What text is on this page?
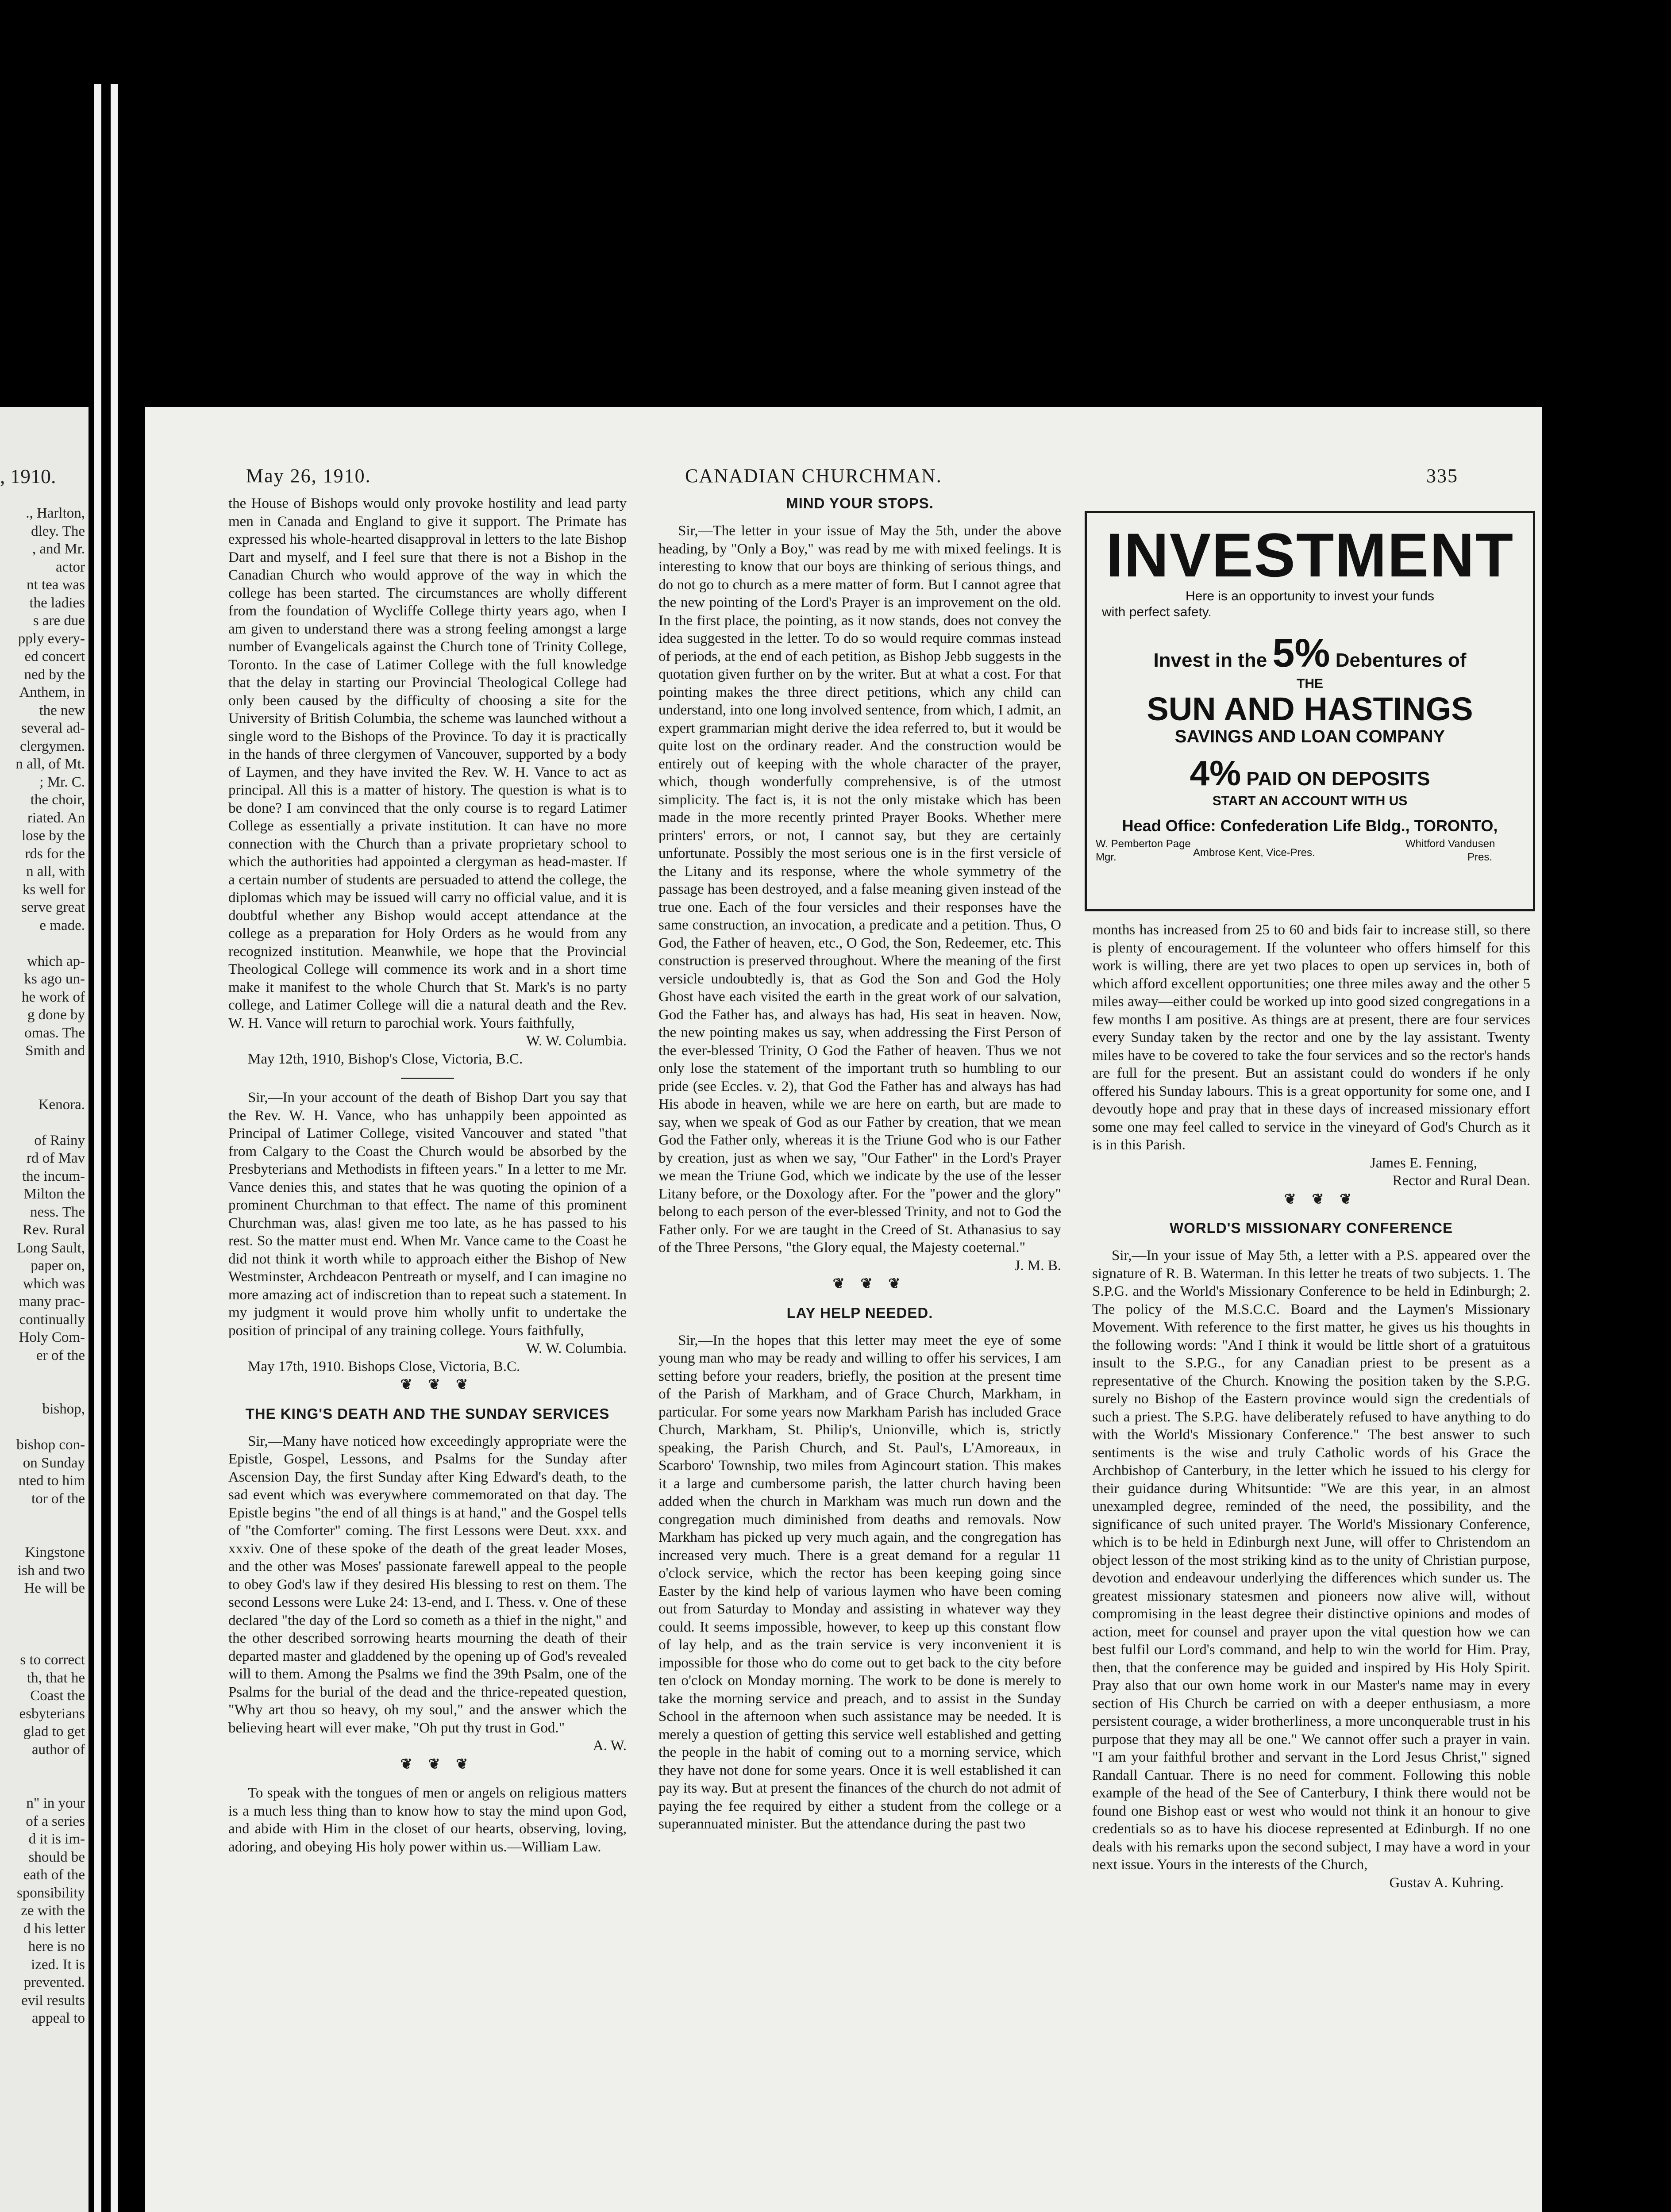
, 1910.
., Harlton,
dley. The
, and Mr.
actor
nt tea was
the ladies
s are due
pply every-
ed concert
ned by the
Anthem, in
the new
several ad-
clergymen.
n all, of Mt.
; Mr. C.
the choir,
riated. An
lose by the
rds for the
n all, with
ks well for
serve great
e made.

which ap-
ks ago un-
he work of
g done by
omas. The
Smith and

Kenora.

of Rainy
rd of Mav
the incum-
Milton the
ness. The
Rev. Rural
Long Sault,
paper on,
which was
many prac-
continually
Holy Com-
er of the

bishop,

bishop con-
on Sunday
nted to him
tor of the

Kingstone
ish and two
He will be

s to correct
th, that he
Coast the
esbyterians
glad to get
author of

n" in your
of a series
d it is im-
should be
eath of the
sponsibility
ze with the
d his letter
here is no
ized. It is
prevented.
evil results
appeal to
May 26, 1910.	CANADIAN CHURCHMAN.	335

the House of Bishops would only provoke hostility and lead party men in Canada and England to give it support. The Primate has expressed his whole-hearted disapproval in letters to the late Bishop Dart and myself, and I feel sure that there is not a Bishop in the Canadian Church who would approve of the way in which the college has been started. The circumstances are wholly different from the foundation of Wycliffe College thirty years ago, when I am given to understand there was a strong feeling amongst a large number of Evangelicals against the Church tone of Trinity College, Toronto. In the case of Latimer College with the full knowledge that the delay in starting our Provincial Theological College had only been caused by the difficulty of choosing a site for the University of British Columbia, the scheme was launched without a single word to the Bishops of the Province. To day it is practically in the hands of three clergymen of Vancouver, supported by a body of Laymen, and they have invited the Rev. W. H. Vance to act as principal. All this is a matter of history. The question is what is to be done? I am convinced that the only course is to regard Latimer College as essentially a private institution. It can have no more connection with the Church than a private proprietary school to which the authorities had appointed a clergyman as head-master. If a certain number of students are persuaded to attend the college, the diplomas which may be issued will carry no official value, and it is doubtful whether any Bishop would accept attendance at the college as a preparation for Holy Orders as he would from any recognized institution. Meanwhile, we hope that the Provincial Theological College will commence its work and in a short time make it manifest to the whole Church that St. Mark's is no party college, and Latimer College will die a natural death and the Rev. W. H. Vance will return to parochial work. Yours faithfully,

W. W. Columbia.

May 12th, 1910, Bishop's Close, Victoria, B.C.

Sir,—In your account of the death of Bishop Dart you say that the Rev. W. H. Vance, who has unhappily been appointed as Principal of Latimer College, visited Vancouver and stated "that from Calgary to the Coast the Church would be absorbed by the Presbyterians and Methodists in fifteen years." In a letter to me Mr. Vance denies this, and states that he was quoting the opinion of a prominent Churchman to that effect. The name of this prominent Churchman was, alas! given me too late, as he has passed to his rest. So the matter must end. When Mr. Vance came to the Coast he did not think it worth while to approach either the Bishop of New Westminster, Archdeacon Pentreath or myself, and I can imagine no more amazing act of indiscretion than to repeat such a statement. In my judgment it would prove him wholly unfit to undertake the position of principal of any training college. Yours faithfully,

W. W. Columbia.

May 17th, 1910. Bishops Close, Victoria, B.C.

❦ ❦ ❦

THE KING'S DEATH AND THE SUNDAY SERVICES

Sir,—Many have noticed how exceedingly appropriate were the Epistle, Gospel, Lessons, and Psalms for the Sunday after Ascension Day, the first Sunday after King Edward's death, to the sad event which was everywhere commemorated on that day. The Epistle begins "the end of all things is at hand," and the Gospel tells of "the Comforter" coming. The first Lessons were Deut. xxx. and xxxiv. One of these spoke of the death of the great leader Moses, and the other was Moses' passionate farewell appeal to the people to obey God's law if they desired His blessing to rest on them. The second Lessons were Luke 24: 13-end, and I. Thess. v. One of these declared "the day of the Lord so cometh as a thief in the night," and the other described sorrowing hearts mourning the death of their departed master and gladdened by the opening up of God's revealed will to them. Among the Psalms we find the 39th Psalm, one of the Psalms for the burial of the dead and the thrice-repeated question, "Why art thou so heavy, oh my soul," and the answer which the believing heart will ever make, "Oh put thy trust in God."

A. W.

❦ ❦ ❦

To speak with the tongues of men or angels on religious matters is a much less thing than to know how to stay the mind upon God, and abide with Him in the closet of our hearts, observing, loving, adoring, and obeying His holy power within us.—William Law.

MIND YOUR STOPS.

Sir,—The letter in your issue of May the 5th, under the above heading, by "Only a Boy," was read by me with mixed feelings. It is interesting to know that our boys are thinking of serious things, and do not go to church as a mere matter of form. But I cannot agree that the new pointing of the Lord's Prayer is an improvement on the old. In the first place, the pointing, as it now stands, does not convey the idea suggested in the letter. To do so would require commas instead of periods, at the end of each petition, as Bishop Jebb suggests in the quotation given further on by the writer. But at what a cost. For that pointing makes the three direct petitions, which any child can understand, into one long involved sentence, from which, I admit, an expert grammarian might derive the idea referred to, but it would be quite lost on the ordinary reader. And the construction would be entirely out of keeping with the whole character of the prayer, which, though wonderfully comprehensive, is of the utmost simplicity. The fact is, it is not the only mistake which has been made in the more recently printed Prayer Books. Whether mere printers' errors, or not, I cannot say, but they are certainly unfortunate. Possibly the most serious one is in the first versicle of the Litany and its response, where the whole symmetry of the passage has been destroyed, and a false meaning given instead of the true one. Each of the four versicles and their responses have the same construction, an invocation, a predicate and a petition. Thus, O God, the Father of heaven, etc., O God, the Son, Redeemer, etc. This construction is preserved throughout. Where the meaning of the first versicle undoubtedly is, that as God the Son and God the Holy Ghost have each visited the earth in the great work of our salvation, God the Father has, and always has had, His seat in heaven. Now, the new pointing makes us say, when addressing the First Person of the ever-blessed Trinity, O God the Father of heaven. Thus we not only lose the statement of the important truth so humbling to our pride (see Eccles. v. 2), that God the Father has and always has had His abode in heaven, while we are here on earth, but are made to say, when we speak of God as our Father by creation, that we mean God the Father only, whereas it is the Triune God who is our Father by creation, just as when we say, "Our Father" in the Lord's Prayer we mean the Triune God, which we indicate by the use of the lesser Litany before, or the Doxology after. For the "power and the glory" belong to each person of the ever-blessed Trinity, and not to God the Father only. For we are taught in the Creed of St. Athanasius to say of the Three Persons, "the Glory equal, the Majesty coeternal."

J. M. B.

❦ ❦ ❦

LAY HELP NEEDED.

Sir,—In the hopes that this letter may meet the eye of some young man who may be ready and willing to offer his services, I am setting before your readers, briefly, the position at the present time of the Parish of Markham, and of Grace Church, Markham, in particular. For some years now Markham Parish has included Grace Church, Markham, St. Philip's, Unionville, which is, strictly speaking, the Parish Church, and St. Paul's, L'Amoreaux, in Scarboro' Township, two miles from Agincourt station. This makes it a large and cumbersome parish, the latter church having been added when the church in Markham was much run down and the congregation much diminished from deaths and removals. Now Markham has picked up very much again, and the congregation has increased very much. There is a great demand for a regular 11 o'clock service, which the rector has been keeping going since Easter by the kind help of various laymen who have been coming out from Saturday to Monday and assisting in whatever way they could. It seems impossible, however, to keep up this constant flow of lay help, and as the train service is very inconvenient it is impossible for those who do come out to get back to the city before ten o'clock on Monday morning. The work to be done is merely to take the morning service and preach, and to assist in the Sunday School in the afternoon when such assistance may be needed. It is merely a question of getting this service well established and getting the people in the habit of coming out to a morning service, which they have not done for some years. Once it is well established it can pay its way. But at present the finances of the church do not admit of paying the fee required by either a student from the college or a superannuated minister. But the attendance during the past two

INVESTMENT
Here is an opportunity to invest your funds
with perfect safety.
Invest in the 5% Debentures of
THE
SUN AND HASTINGS
SAVINGS AND LOAN COMPANY
4% PAID ON DEPOSITS
START AN ACCOUNT WITH US
Head Office: Confederation Life Bldg., TORONTO,
W. Pemberton Page
Mgr.	Ambrose Kent, Vice-Pres.
Whitford Vandusen
Pres.

months has increased from 25 to 60 and bids fair to increase still, so there is plenty of encouragement. If the volunteer who offers himself for this work is willing, there are yet two places to open up services in, both of which afford excellent opportunities; one three miles away and the other 5 miles away—either could be worked up into good sized congregations in a few months I am positive. As things are at present, there are four services every Sunday taken by the rector and one by the lay assistant. Twenty miles have to be covered to take the four services and so the rector's hands are full for the present. But an assistant could do wonders if he only offered his Sunday labours. This is a great opportunity for some one, and I devoutly hope and pray that in these days of increased missionary effort some one may feel called to service in the vineyard of God's Church as it is in this Parish.

James E. Fenning,

Rector and Rural Dean.

❦ ❦ ❦

WORLD'S MISSIONARY CONFERENCE

Sir,—In your issue of May 5th, a letter with a P.S. appeared over the signature of R. B. Waterman. In this letter he treats of two subjects. 1. The S.P.G. and the World's Missionary Conference to be held in Edinburgh; 2. The policy of the M.S.C.C. Board and the Laymen's Missionary Movement. With reference to the first matter, he gives us his thoughts in the following words: "And I think it would be little short of a gratuitous insult to the S.P.G., for any Canadian priest to be present as a representative of the Church. Knowing the position taken by the S.P.G. surely no Bishop of the Eastern province would sign the credentials of such a priest. The S.P.G. have deliberately refused to have anything to do with the World's Missionary Conference." The best answer to such sentiments is the wise and truly Catholic words of his Grace the Archbishop of Canterbury, in the letter which he issued to his clergy for their guidance during Whitsuntide: "We are this year, in an almost unexampled degree, reminded of the need, the possibility, and the significance of such united prayer. The World's Missionary Conference, which is to be held in Edinburgh next June, will offer to Christendom an object lesson of the most striking kind as to the unity of Christian purpose, devotion and endeavour underlying the differences which sunder us. The greatest missionary statesmen and pioneers now alive will, without compromising in the least degree their distinctive opinions and modes of action, meet for counsel and prayer upon the vital question how we can best fulfil our Lord's command, and help to win the world for Him. Pray, then, that the conference may be guided and inspired by His Holy Spirit. Pray also that our own home work in our Master's name may in every section of His Church be carried on with a deeper enthusiasm, a more persistent courage, a wider brotherliness, a more unconquerable trust in his purpose that they may all be one." We cannot offer such a prayer in vain. "I am your faithful brother and servant in the Lord Jesus Christ," signed Randall Cantuar. There is no need for comment. Following this noble example of the head of the See of Canterbury, I think there would not be found one Bishop east or west who would not think it an honour to give credentials so as to have his diocese represented at Edinburgh. If no one deals with his remarks upon the second subject, I may have a word in your next issue. Yours in the interests of the Church,

Gustav A. Kuhring.
